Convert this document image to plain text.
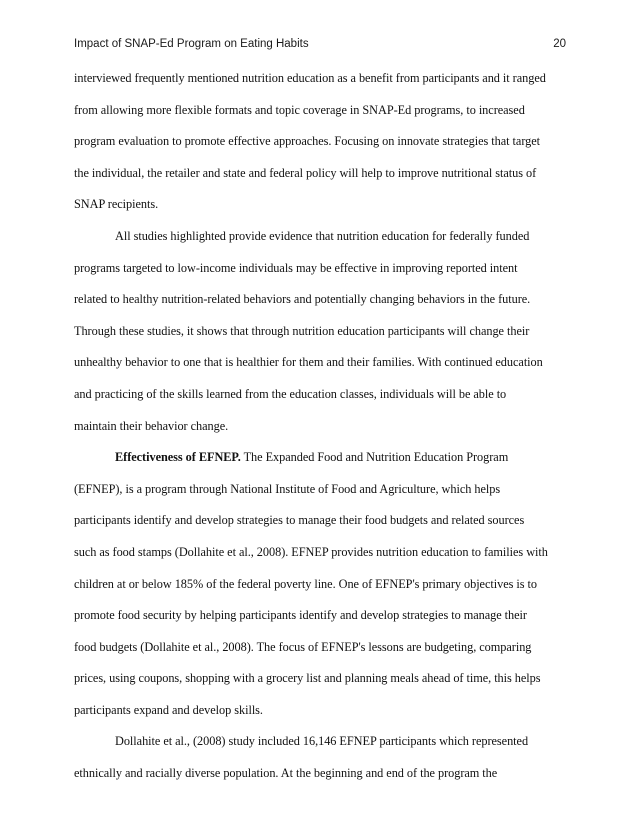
Impact of SNAP-Ed Program on Eating Habits	20
interviewed frequently mentioned nutrition education as a benefit from participants and it ranged
from allowing more flexible formats and topic coverage in SNAP-Ed programs, to increased
program evaluation to promote effective approaches. Focusing on innovate strategies that target
the individual, the retailer and state and federal policy will help to improve nutritional status of
SNAP recipients.
All studies highlighted provide evidence that nutrition education for federally funded
programs targeted to low-income individuals may be effective in improving reported intent
related to healthy nutrition-related behaviors and potentially changing behaviors in the future.
Through these studies, it shows that through nutrition education participants will change their
unhealthy behavior to one that is healthier for them and their families. With continued education
and practicing of the skills learned from the education classes, individuals will be able to
maintain their behavior change.
Effectiveness of EFNEP. The Expanded Food and Nutrition Education Program
(EFNEP), is a program through National Institute of Food and Agriculture, which helps
participants identify and develop strategies to manage their food budgets and related sources
such as food stamps (Dollahite et al., 2008). EFNEP provides nutrition education to families with
children at or below 185% of the federal poverty line. One of EFNEP's primary objectives is to
promote food security by helping participants identify and develop strategies to manage their
food budgets (Dollahite et al., 2008). The focus of EFNEP's lessons are budgeting, comparing
prices, using coupons, shopping with a grocery list and planning meals ahead of time, this helps
participants expand and develop skills.
Dollahite et al., (2008) study included 16,146 EFNEP participants which represented
ethnically and racially diverse population. At the beginning and end of the program the
